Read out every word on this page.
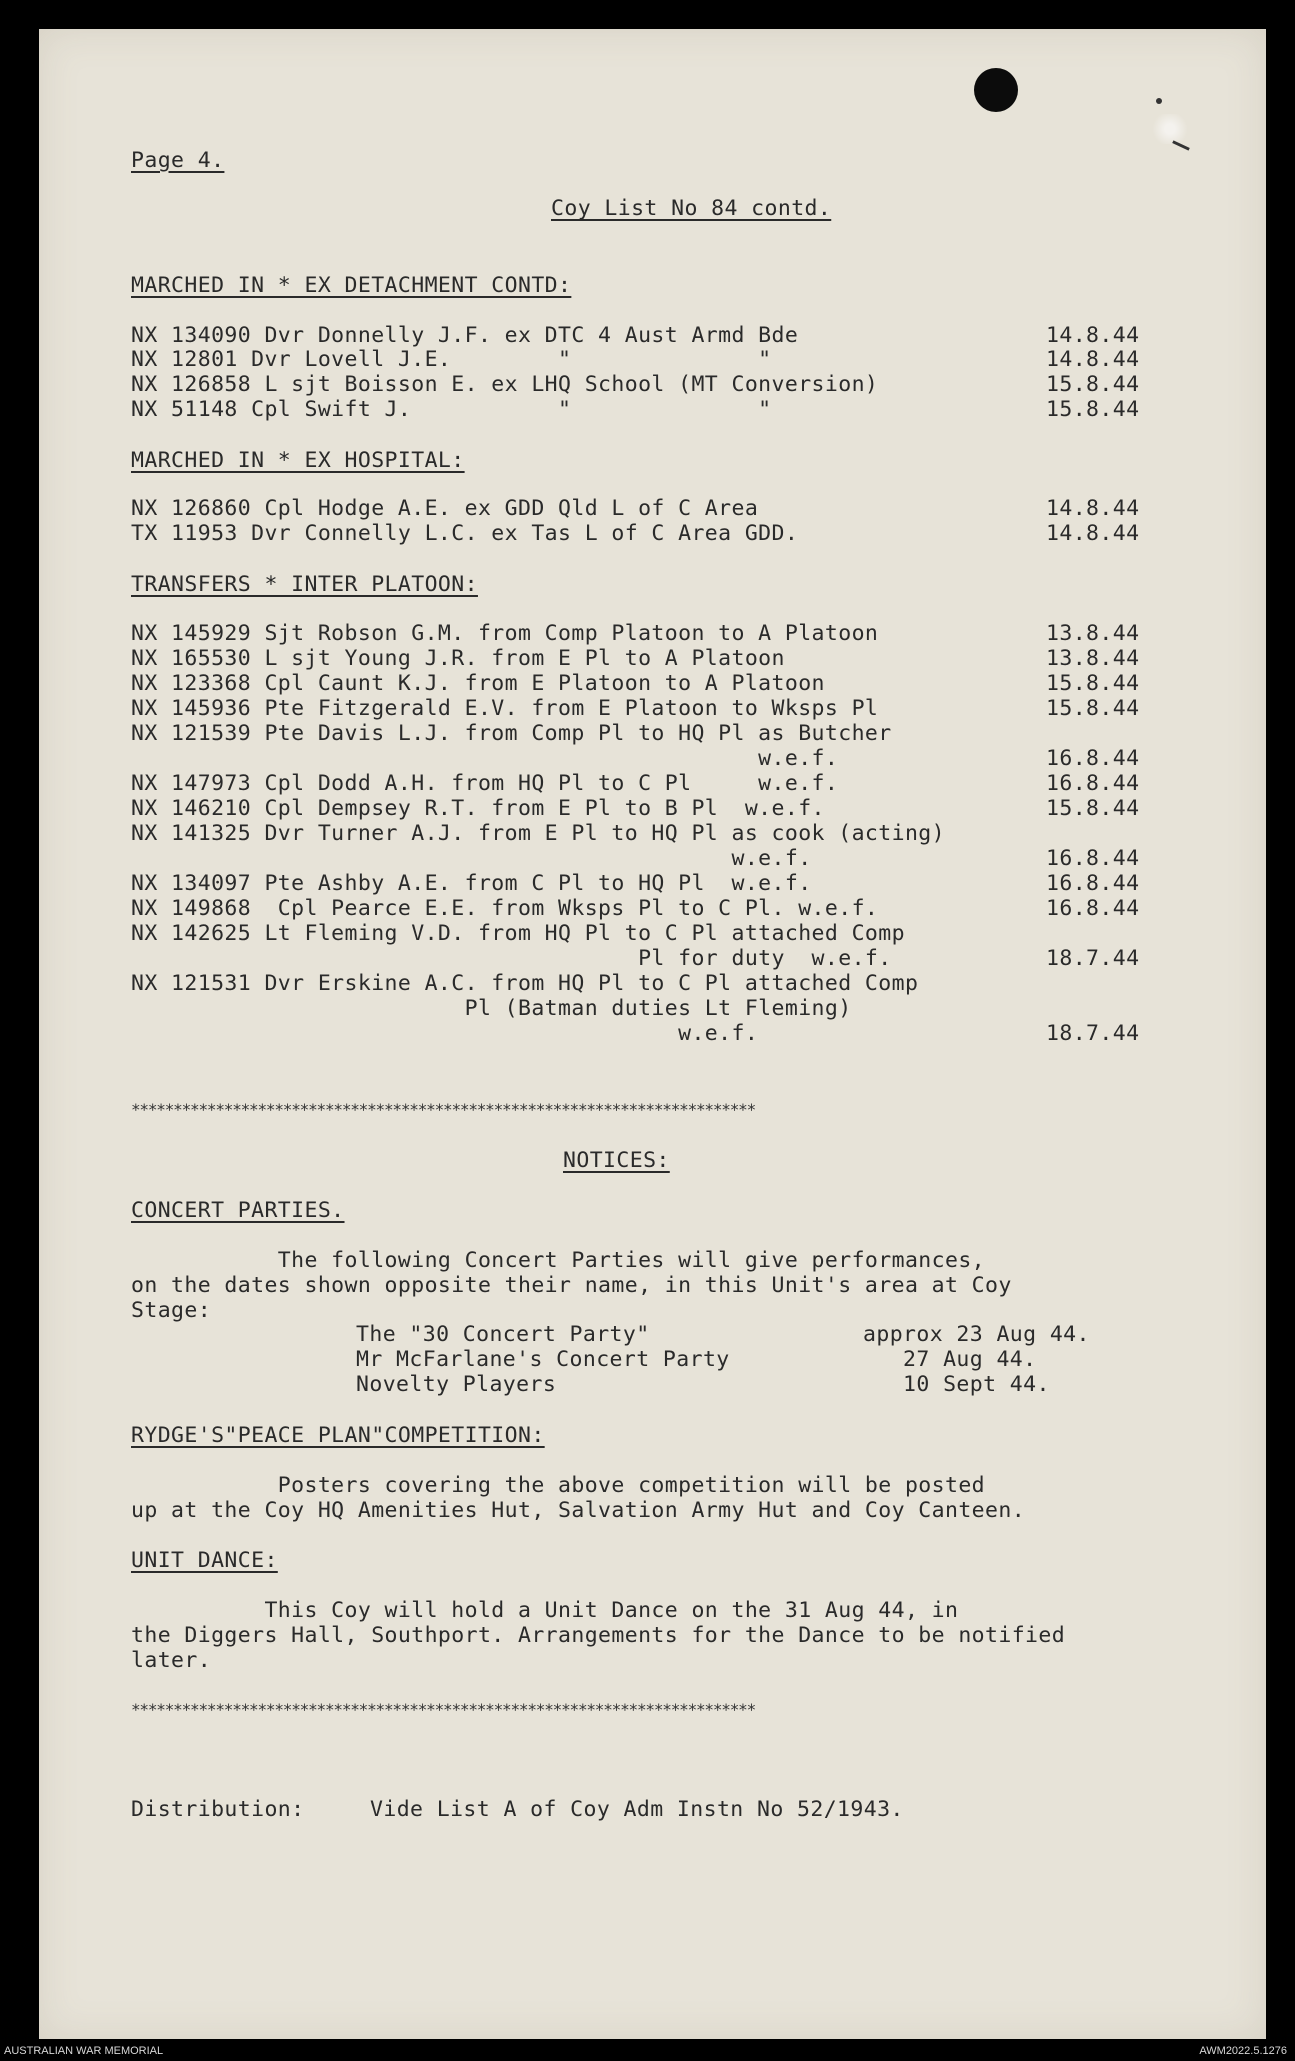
Page 4.
Coy List No 84 contd.
MARCHED IN * EX DETACHMENT CONTD:
NX 134090 Dvr Donnelly J.F. ex DTC 4 Aust Armd Bde	14.8.44
NX 12801 Dvr Lovell J.E.        "              "	14.8.44
NX 126858 L sjt Boisson E. ex LHQ School (MT Conversion)	15.8.44
NX 51148 Cpl Swift J.           "              "	15.8.44
MARCHED IN * EX HOSPITAL:
NX 126860 Cpl Hodge A.E. ex GDD Qld L of C Area	14.8.44
TX 11953 Dvr Connelly L.C. ex Tas L of C Area GDD.	14.8.44
TRANSFERS * INTER PLATOON:
NX 145929 Sjt Robson G.M. from Comp Platoon to A Platoon	13.8.44
NX 165530 L sjt Young J.R. from E Pl to A Platoon	13.8.44
NX 123368 Cpl Caunt K.J. from E Platoon to A Platoon	15.8.44
NX 145936 Pte Fitzgerald E.V. from E Platoon to Wksps Pl	15.8.44
NX 121539 Pte Davis L.J. from Comp Pl to HQ Pl as Butcher
w.e.f.	16.8.44
NX 147973 Cpl Dodd A.H. from HQ Pl to C Pl     w.e.f.	16.8.44
NX 146210 Cpl Dempsey R.T. from E Pl to B Pl  w.e.f.	15.8.44
NX 141325 Dvr Turner A.J. from E Pl to HQ Pl as cook (acting)
w.e.f.	16.8.44
NX 134097 Pte Ashby A.E. from C Pl to HQ Pl  w.e.f.	16.8.44
NX 149868  Cpl Pearce E.E. from Wksps Pl to C Pl. w.e.f.	16.8.44
NX 142625 Lt Fleming V.D. from HQ Pl to C Pl attached Comp
Pl for duty  w.e.f.	18.7.44
NX 121531 Dvr Erskine A.C. from HQ Pl to C Pl attached Comp
Pl (Batman duties Lt Fleming)
w.e.f.	18.7.44
**************************************************************************
NOTICES:
CONCERT PARTIES.
The following Concert Parties will give performances,
on the dates shown opposite their name, in this Unit's area at Coy
Stage:
The "30 Concert Party"	approx 23 Aug 44.
Mr McFarlane's Concert Party	27 Aug 44.
Novelty Players	10 Sept 44.
RYDGE'S"PEACE PLAN"COMPETITION:
Posters covering the above competition will be posted
up at the Coy HQ Amenities Hut, Salvation Army Hut and Coy Canteen.
UNIT DANCE:
This Coy will hold a Unit Dance on the 31 Aug 44, in
the Diggers Hall, Southport. Arrangements for the Dance to be notified
later.
**************************************************************************
Distribution:	Vide List A of Coy Adm Instn No 52/1943.
AUSTRALIAN WAR MEMORIAL	AWM2022.5.1276
